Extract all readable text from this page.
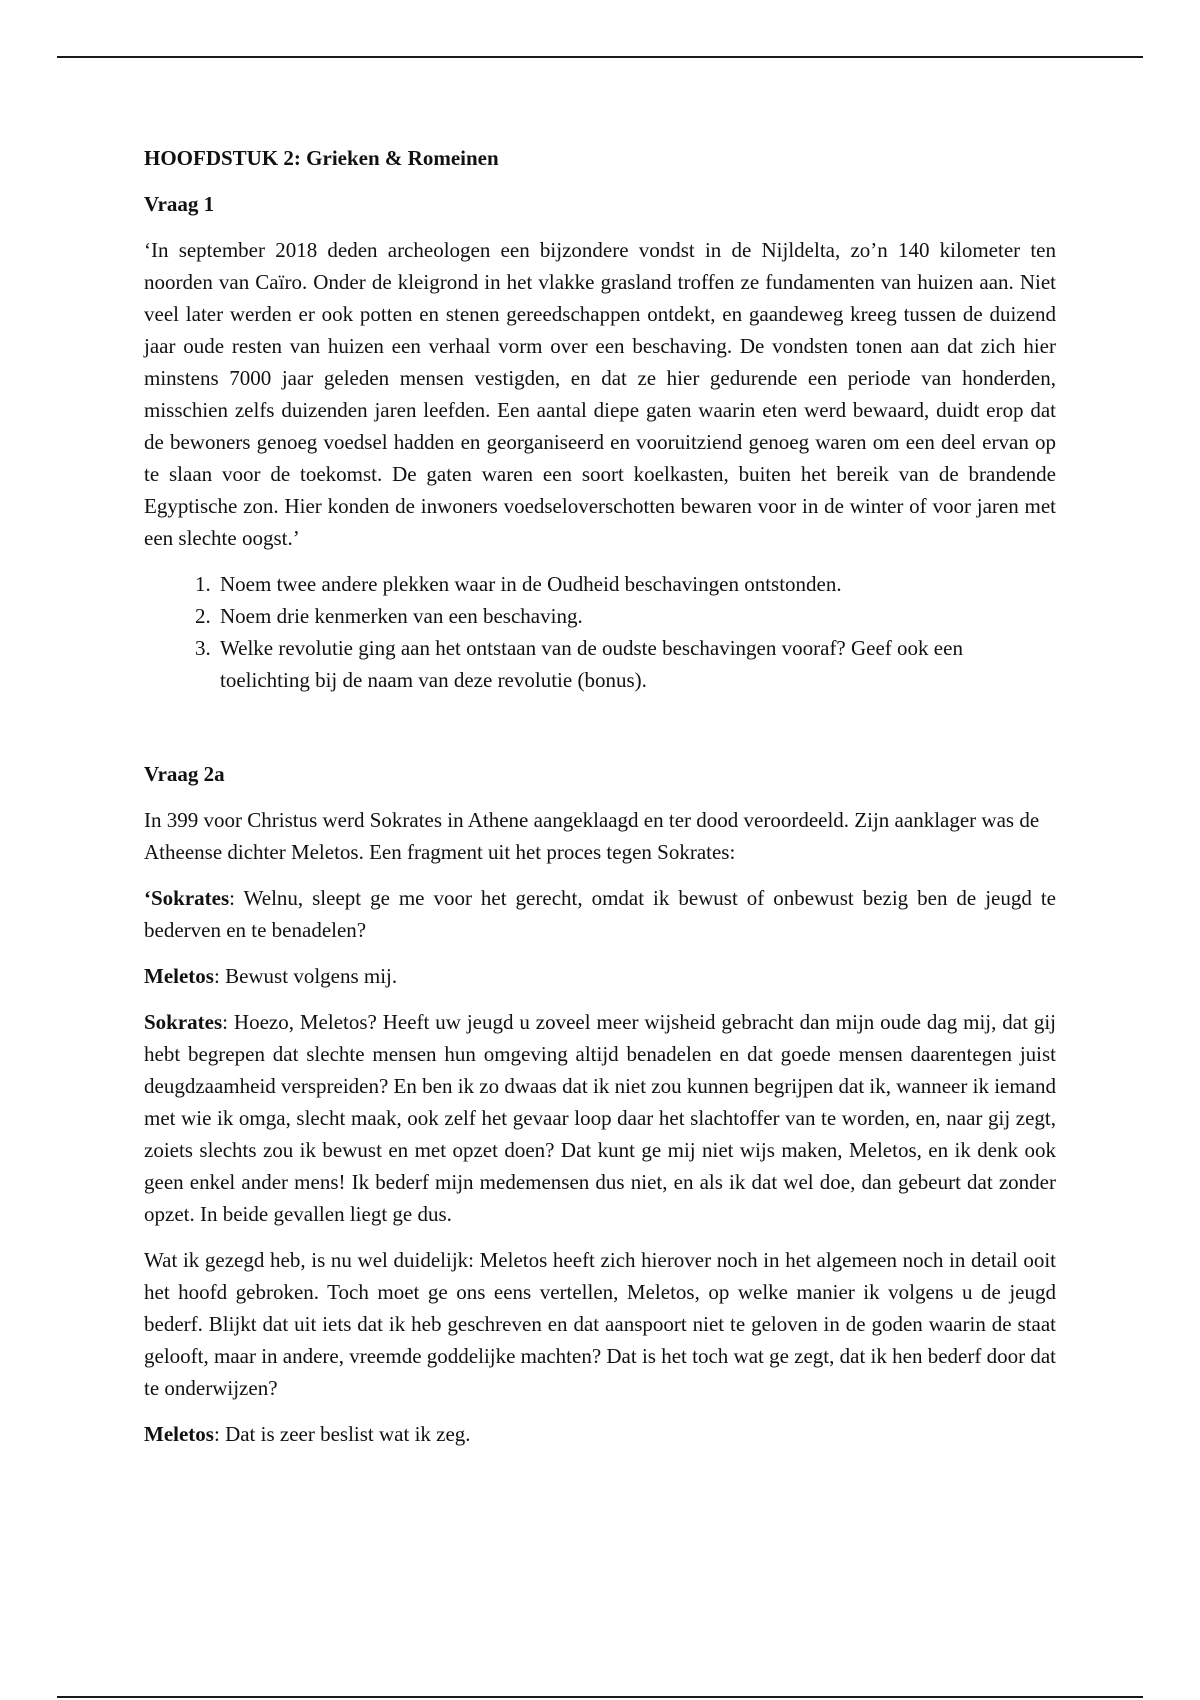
HOOFDSTUK 2: Grieken & Romeinen
Vraag 1

‘In september 2018 deden archeologen een bijzondere vondst in de Nijldelta, zo’n 140 kilometer ten noorden van Caïro. Onder de kleigrond in het vlakke grasland troffen ze fundamenten van huizen aan. Niet veel later werden er ook potten en stenen gereedschappen ontdekt, en gaandeweg kreeg tussen de duizend jaar oude resten van huizen een verhaal vorm over een beschaving. De vondsten tonen aan dat zich hier minstens 7000 jaar geleden mensen vestigden, en dat ze hier gedurende een periode van honderden, misschien zelfs duizenden jaren leefden. Een aantal diepe gaten waarin eten werd bewaard, duidt erop dat de bewoners genoeg voedsel hadden en georganiseerd en vooruitziend genoeg waren om een deel ervan op te slaan voor de toekomst. De gaten waren een soort koelkasten, buiten het bereik van de brandende Egyptische zon. Hier konden de inwoners voedseloverschotten bewaren voor in de winter of voor jaren met een slechte oogst.’

1. Noem twee andere plekken waar in de Oudheid beschavingen ontstonden.
2. Noem drie kenmerken van een beschaving.
3. Welke revolutie ging aan het ontstaan van de oudste beschavingen vooraf? Geef ook een toelichting bij de naam van deze revolutie (bonus).
Vraag 2a

In 399 voor Christus werd Sokrates in Athene aangeklaagd en ter dood veroordeeld. Zijn aanklager was de Atheense dichter Meletos. Een fragment uit het proces tegen Sokrates:

‘Sokrates: Welnu, sleept ge me voor het gerecht, omdat ik bewust of onbewust bezig ben de jeugd te bederven en te benadelen?

Meletos: Bewust volgens mij.

Sokrates: Hoezo, Meletos? Heeft uw jeugd u zoveel meer wijsheid gebracht dan mijn oude dag mij, dat gij hebt begrepen dat slechte mensen hun omgeving altijd benadelen en dat goede mensen daarentegen juist deugdzaamheid verspreiden? En ben ik zo dwaas dat ik niet zou kunnen begrijpen dat ik, wanneer ik iemand met wie ik omga, slecht maak, ook zelf het gevaar loop daar het slachtoffer van te worden, en, naar gij zegt, zoiets slechts zou ik bewust en met opzet doen? Dat kunt ge mij niet wijs maken, Meletos, en ik denk ook geen enkel ander mens! Ik bederf mijn medemensen dus niet, en als ik dat wel doe, dan gebeurt dat zonder opzet. In beide gevallen liegt ge dus.

Wat ik gezegd heb, is nu wel duidelijk: Meletos heeft zich hierover noch in het algemeen noch in detail ooit het hoofd gebroken. Toch moet ge ons eens vertellen, Meletos, op welke manier ik volgens u de jeugd bederf. Blijkt dat uit iets dat ik heb geschreven en dat aanspoort niet te geloven in de goden waarin de staat gelooft, maar in andere, vreemde goddelijke machten? Dat is het toch wat ge zegt, dat ik hen bederf door dat te onderwijzen?

Meletos: Dat is zeer beslist wat ik zeg.
